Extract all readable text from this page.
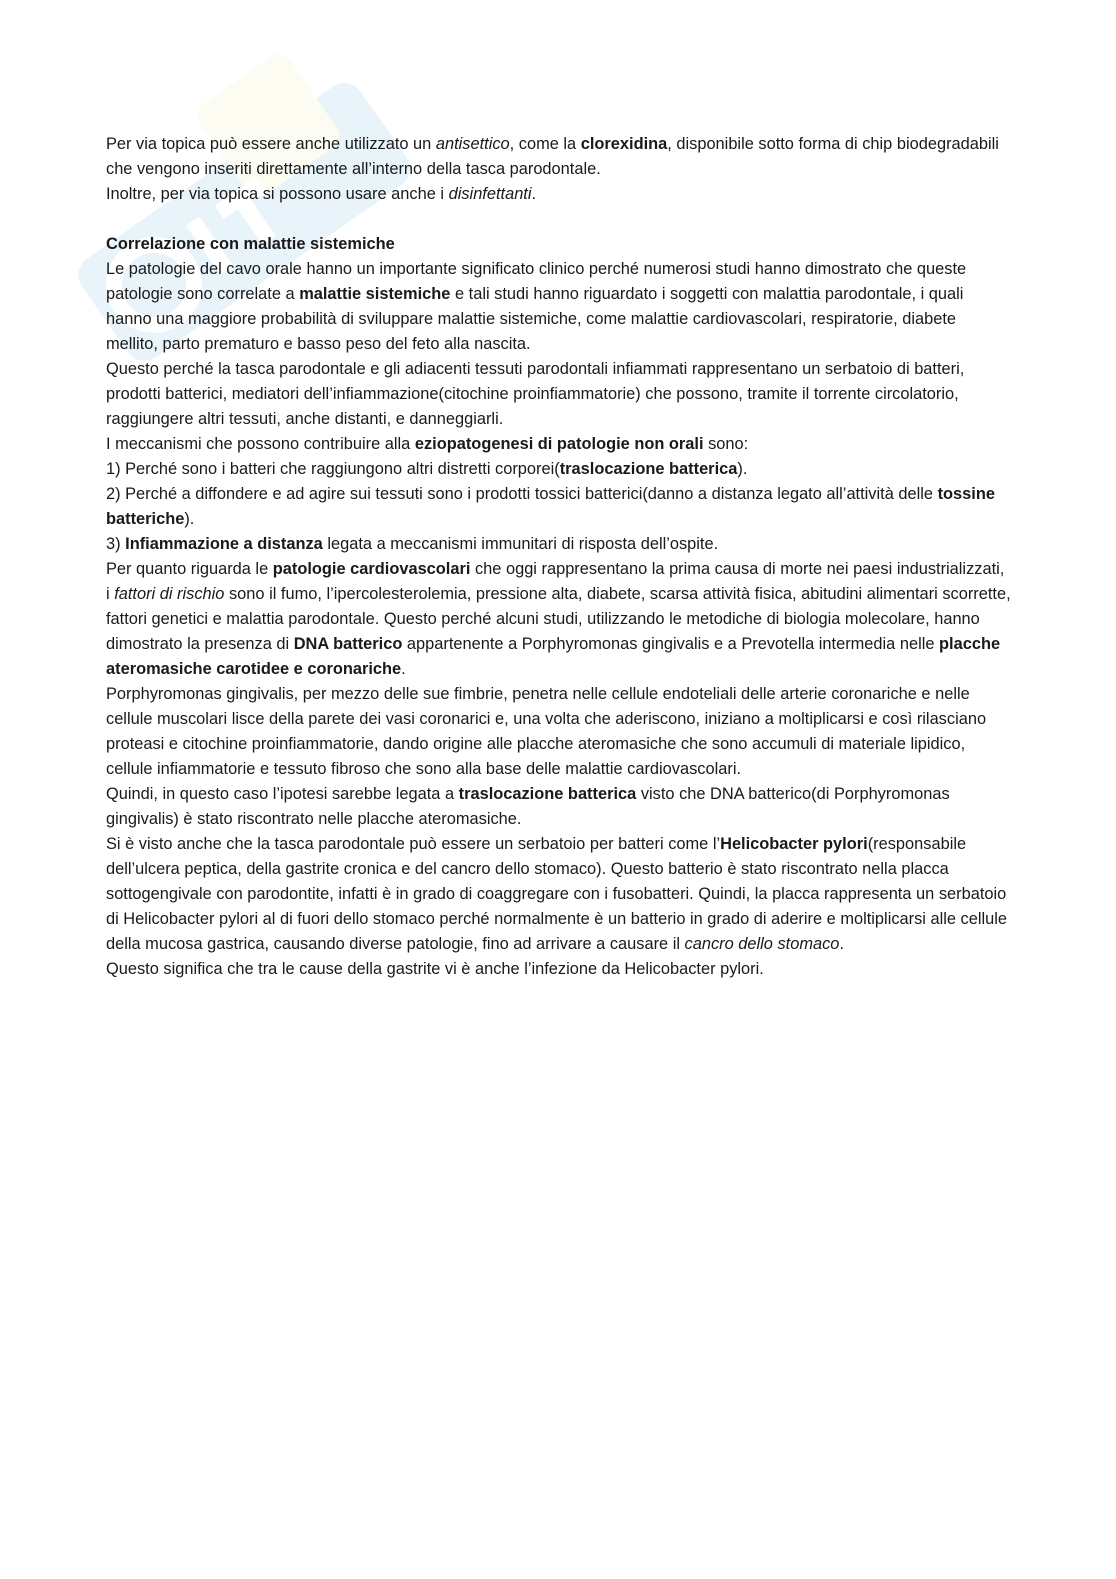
Per via topica può essere anche utilizzato un antisettico, come la clorexidina, disponibile sotto forma di chip biodegradabili che vengono inseriti direttamente all’interno della tasca parodontale.

Inoltre, per via topica si possono usare anche i disinfettanti.

Correlazione con malattie sistemiche

Le patologie del cavo orale hanno un importante significato clinico perché numerosi studi hanno dimostrato che queste patologie sono correlate a malattie sistemiche e tali studi hanno riguardato i soggetti con malattia parodontale, i quali hanno una maggiore probabilità di sviluppare malattie sistemiche, come malattie cardiovascolari, respiratorie, diabete mellito, parto prematuro e basso peso del feto alla nascita.

Questo perché la tasca parodontale e gli adiacenti tessuti parodontali infiammati rappresentano un serbatoio di batteri, prodotti batterici, mediatori dell’infiammazione(citochine proinfiammatorie) che possono, tramite il torrente circolatorio, raggiungere altri tessuti, anche distanti, e danneggiarli.

I meccanismi che possono contribuire alla eziopatogenesi di patologie non orali sono:

1) Perché sono i batteri che raggiungono altri distretti corporei(traslocazione batterica).

2) Perché a diffondere e ad agire sui tessuti sono i prodotti tossici batterici(danno a distanza legato all’attività delle tossine batteriche).

3) Infiammazione a distanza legata a meccanismi immunitari di risposta dell’ospite.

Per quanto riguarda le patologie cardiovascolari che oggi rappresentano la prima causa di morte nei paesi industrializzati, i fattori di rischio sono il fumo, l’ipercolesterolemia, pressione alta, diabete, scarsa attività fisica, abitudini alimentari scorrette, fattori genetici e malattia parodontale. Questo perché alcuni studi, utilizzando le metodiche di biologia molecolare, hanno dimostrato la presenza di DNA batterico appartenente a Porphyromonas gingivalis e a Prevotella intermedia nelle placche ateromasiche carotidee e coronariche.

Porphyromonas gingivalis, per mezzo delle sue fimbrie, penetra nelle cellule endoteliali delle arterie coronariche e nelle cellule muscolari lisce della parete dei vasi coronarici e, una volta che aderiscono, iniziano a moltiplicarsi e così rilasciano proteasi e citochine proinfiammatorie, dando origine alle placche ateromasiche che sono accumuli di materiale lipidico, cellule infiammatorie e tessuto fibroso che sono alla base delle malattie cardiovascolari.

Quindi, in questo caso l’ipotesi sarebbe legata a traslocazione batterica visto che DNA batterico(di Porphyromonas gingivalis) è stato riscontrato nelle placche ateromasiche.

Si è visto anche che la tasca parodontale può essere un serbatoio per batteri come l’Helicobacter pylori(responsabile dell’ulcera peptica, della gastrite cronica e del cancro dello stomaco). Questo batterio è stato riscontrato nella placca sottogengivale con parodontite, infatti è in grado di coaggregare con i fusobatteri. Quindi, la placca rappresenta un serbatoio di Helicobacter pylori al di fuori dello stomaco perché normalmente è un batterio in grado di aderire e moltiplicarsi alle cellule della mucosa gastrica, causando diverse patologie, fino ad arrivare a causare il cancro dello stomaco.

Questo significa che tra le cause della gastrite vi è anche l’infezione da Helicobacter pylori.
